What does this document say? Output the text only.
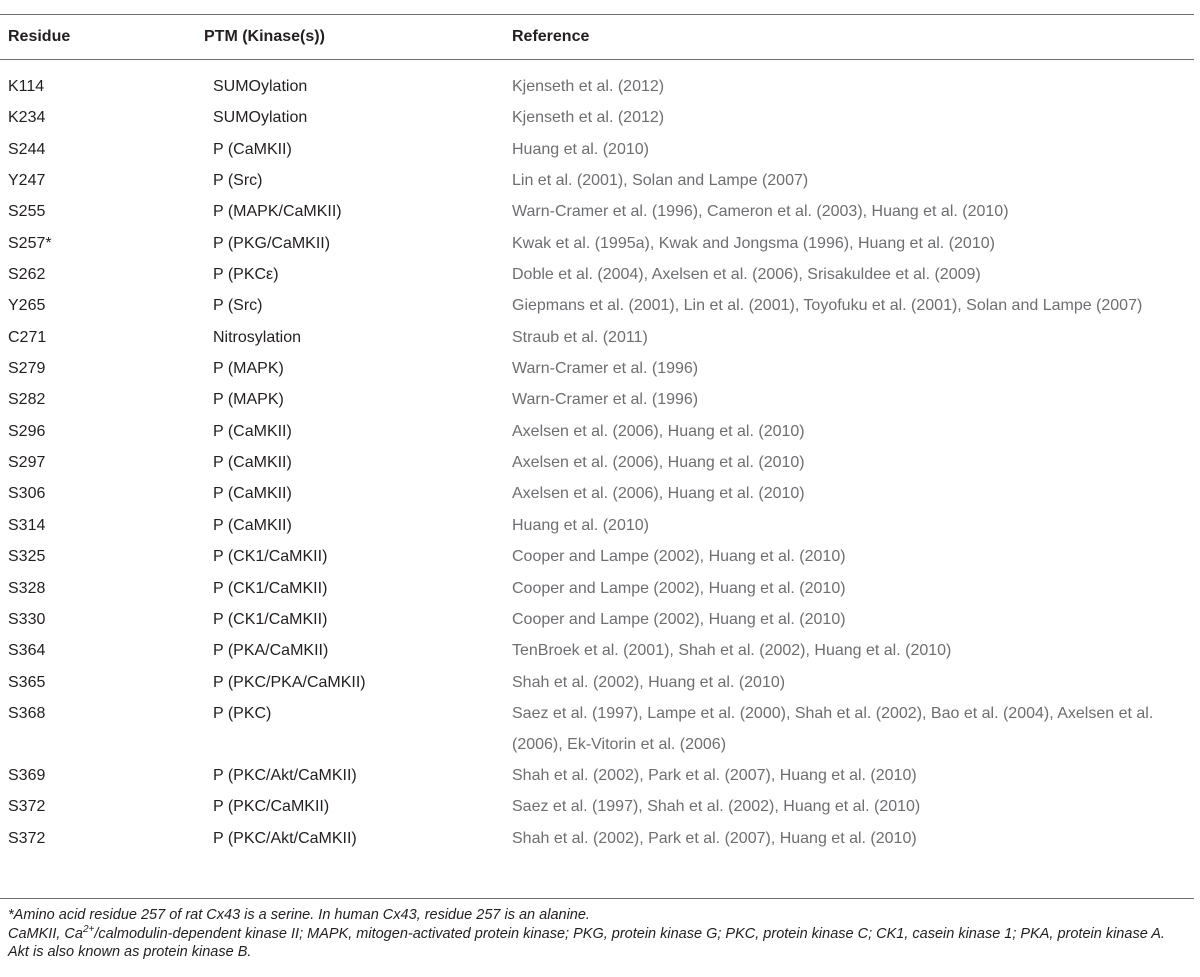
Residue	PTM (Kinase(s))	Reference
K114	SUMOylation	Kjenseth et al. (2012)
K234	SUMOylation	Kjenseth et al. (2012)
S244	P (CaMKII)	Huang et al. (2010)
Y247	P (Src)	Lin et al. (2001), Solan and Lampe (2007)
S255	P (MAPK/CaMKII)	Warn-Cramer et al. (1996), Cameron et al. (2003), Huang et al. (2010)
S257*	P (PKG/CaMKII)	Kwak et al. (1995a), Kwak and Jongsma (1996), Huang et al. (2010)
S262	P (PKCε)	Doble et al. (2004), Axelsen et al. (2006), Srisakuldee et al. (2009)
Y265	P (Src)	Giepmans et al. (2001), Lin et al. (2001), Toyofuku et al. (2001), Solan and Lampe (2007)
C271	Nitrosylation	Straub et al. (2011)
S279	P (MAPK)	Warn-Cramer et al. (1996)
S282	P (MAPK)	Warn-Cramer et al. (1996)
S296	P (CaMKII)	Axelsen et al. (2006), Huang et al. (2010)
S297	P (CaMKII)	Axelsen et al. (2006), Huang et al. (2010)
S306	P (CaMKII)	Axelsen et al. (2006), Huang et al. (2010)
S314	P (CaMKII)	Huang et al. (2010)
S325	P (CK1/CaMKII)	Cooper and Lampe (2002), Huang et al. (2010)
S328	P (CK1/CaMKII)	Cooper and Lampe (2002), Huang et al. (2010)
S330	P (CK1/CaMKII)	Cooper and Lampe (2002), Huang et al. (2010)
S364	P (PKA/CaMKII)	TenBroek et al. (2001), Shah et al. (2002), Huang et al. (2010)
S365	P (PKC/PKA/CaMKII)	Shah et al. (2002), Huang et al. (2010)
S368	P (PKC)	Saez et al. (1997), Lampe et al. (2000), Shah et al. (2002), Bao et al. (2004), Axelsen et al. (2006), Ek-Vitorin et al. (2006)
S369	P (PKC/Akt/CaMKII)	Shah et al. (2002), Park et al. (2007), Huang et al. (2010)
S372	P (PKC/CaMKII)	Saez et al. (1997), Shah et al. (2002), Huang et al. (2010)
S372	P (PKC/Akt/CaMKII)	Shah et al. (2002), Park et al. (2007), Huang et al. (2010)

*Amino acid residue 257 of rat Cx43 is a serine. In human Cx43, residue 257 is an alanine.

CaMKII, $Ca^{2+}/calmodulin$-dependent kinase II; MAPK, mitogen-activated protein kinase; PKG, protein kinase G; PKC, protein kinase C; CK1, casein kinase 1; PKA, protein kinase A. Akt is also known as protein kinase B.
